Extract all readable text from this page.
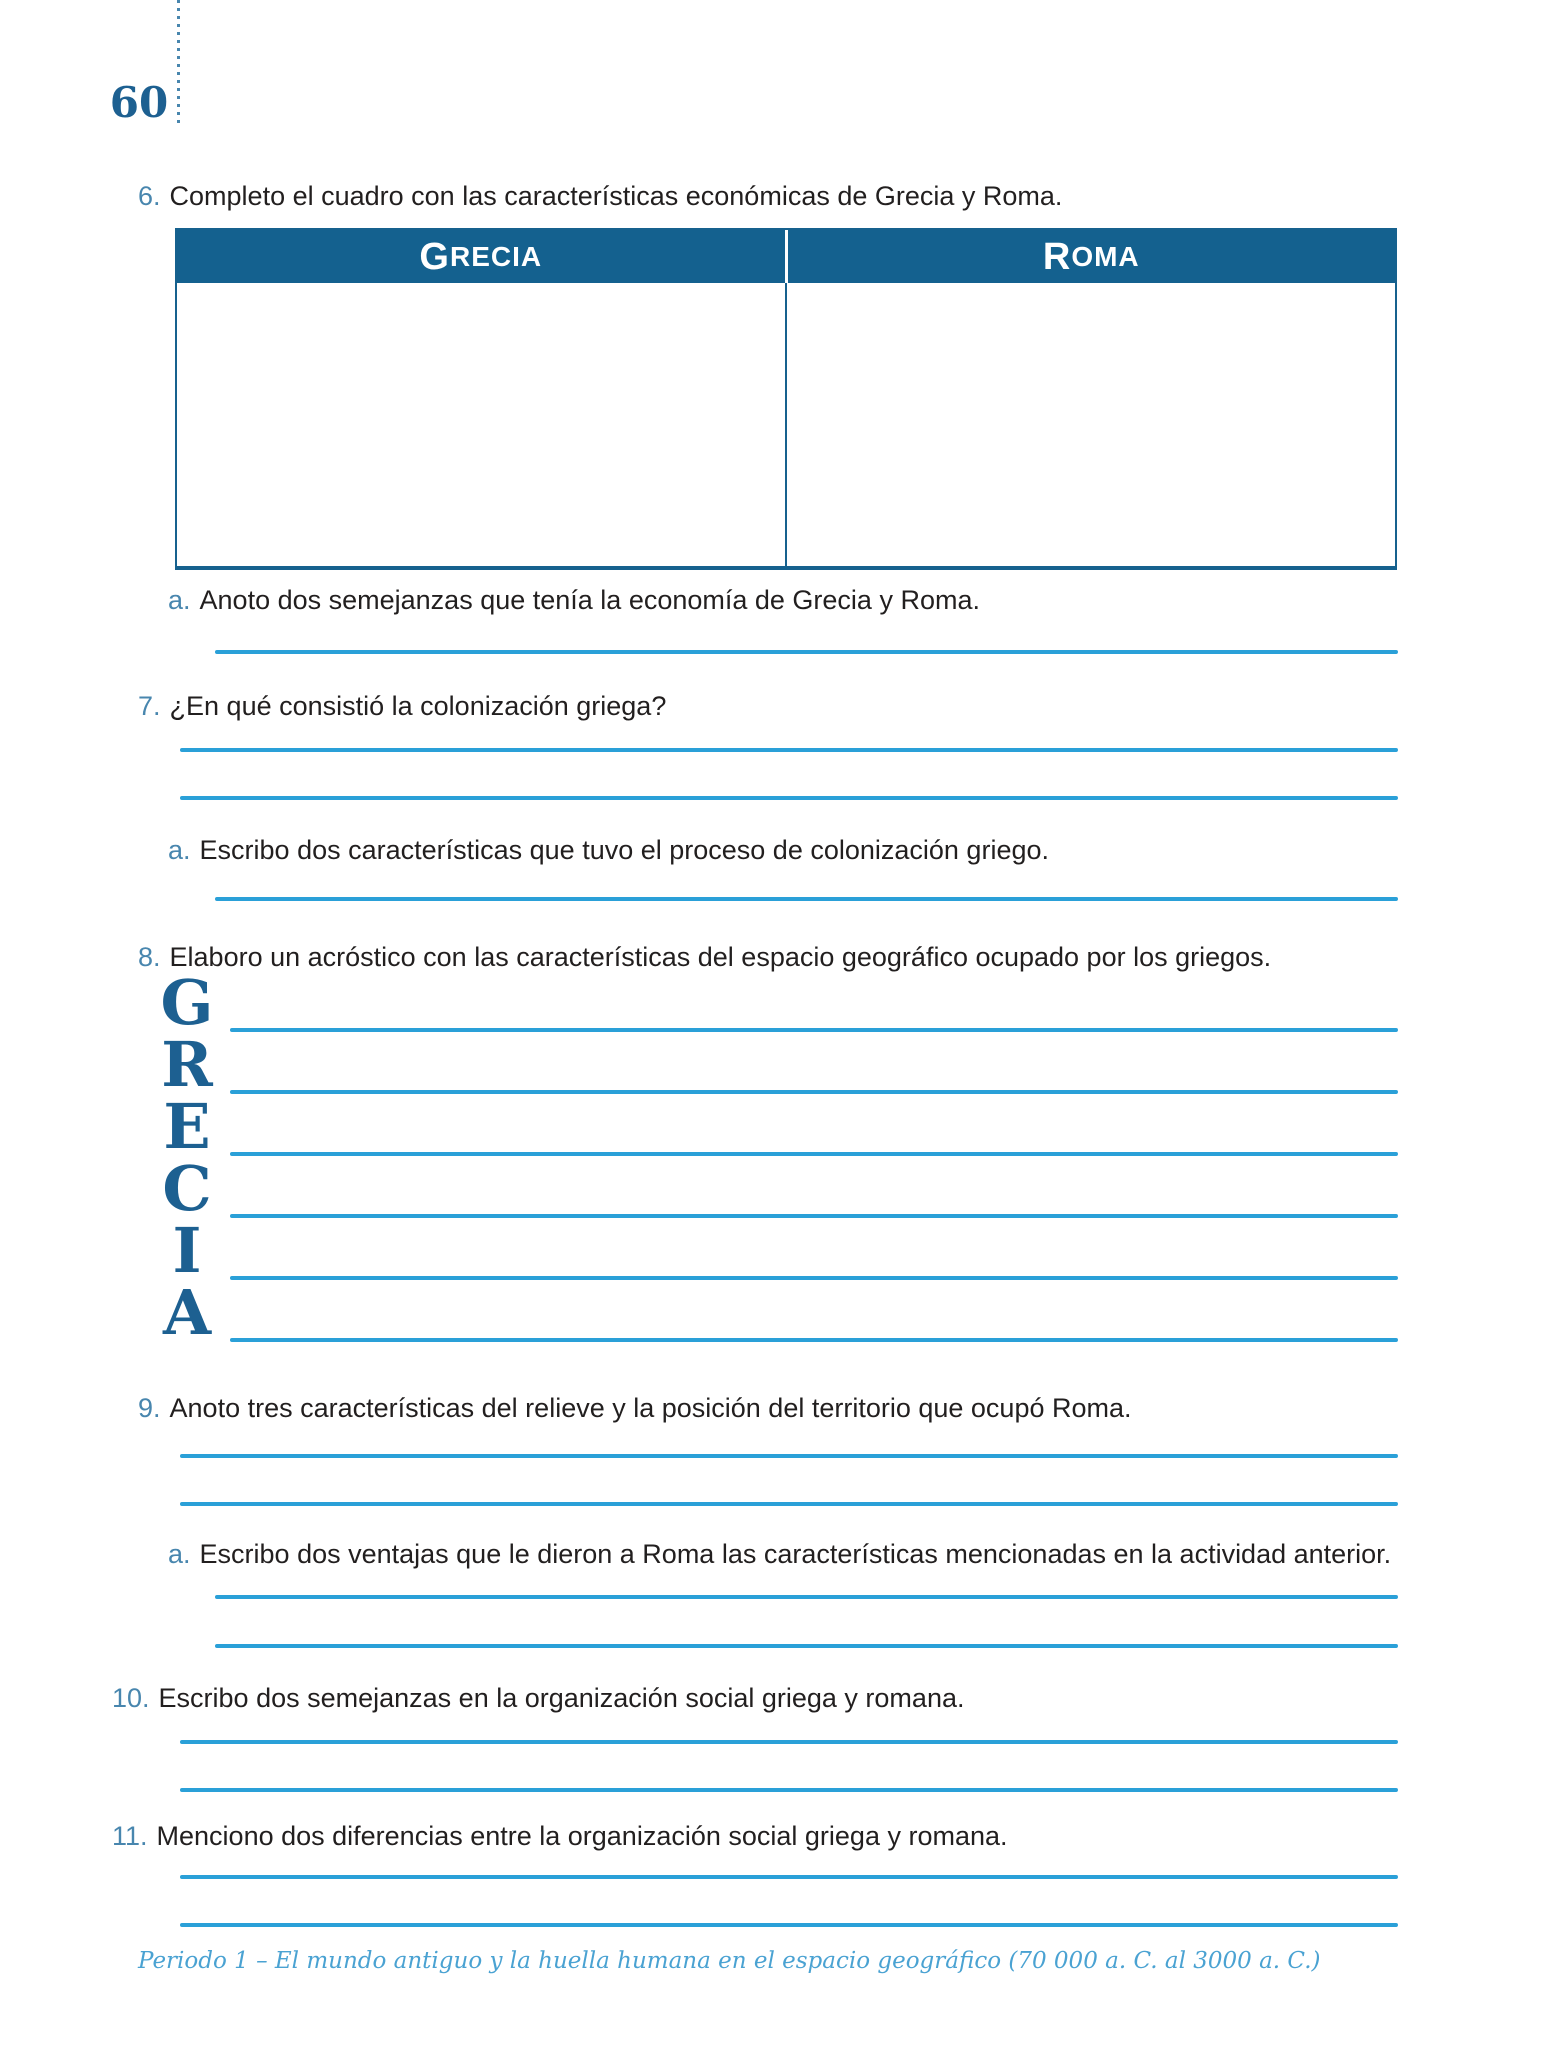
60
6. Completo el cuadro con las características económicas de Grecia y Roma.
G RECIA	R OMA
a. Anoto dos semejanzas que tenía la economía de Grecia y Roma.
7. ¿En qué consistió la colonización griega?
a. Escribo dos características que tuvo el proceso de colonización griego.
8. Elaboro un acróstico con las características del espacio geográfico ocupado por los griegos.
G
R
E
C
I
A
9. Anoto tres características del relieve y la posición del territorio que ocupó Roma.
a. Escribo dos ventajas que le dieron a Roma las características mencionadas en la actividad anterior.
10. Escribo dos semejanzas en la organización social griega y romana.
11. Menciono dos diferencias entre la organización social griega y romana.
Periodo 1 – El mundo antiguo y la huella humana en el espacio geográfico (70 000 a. C. al 3000 a. C.)
